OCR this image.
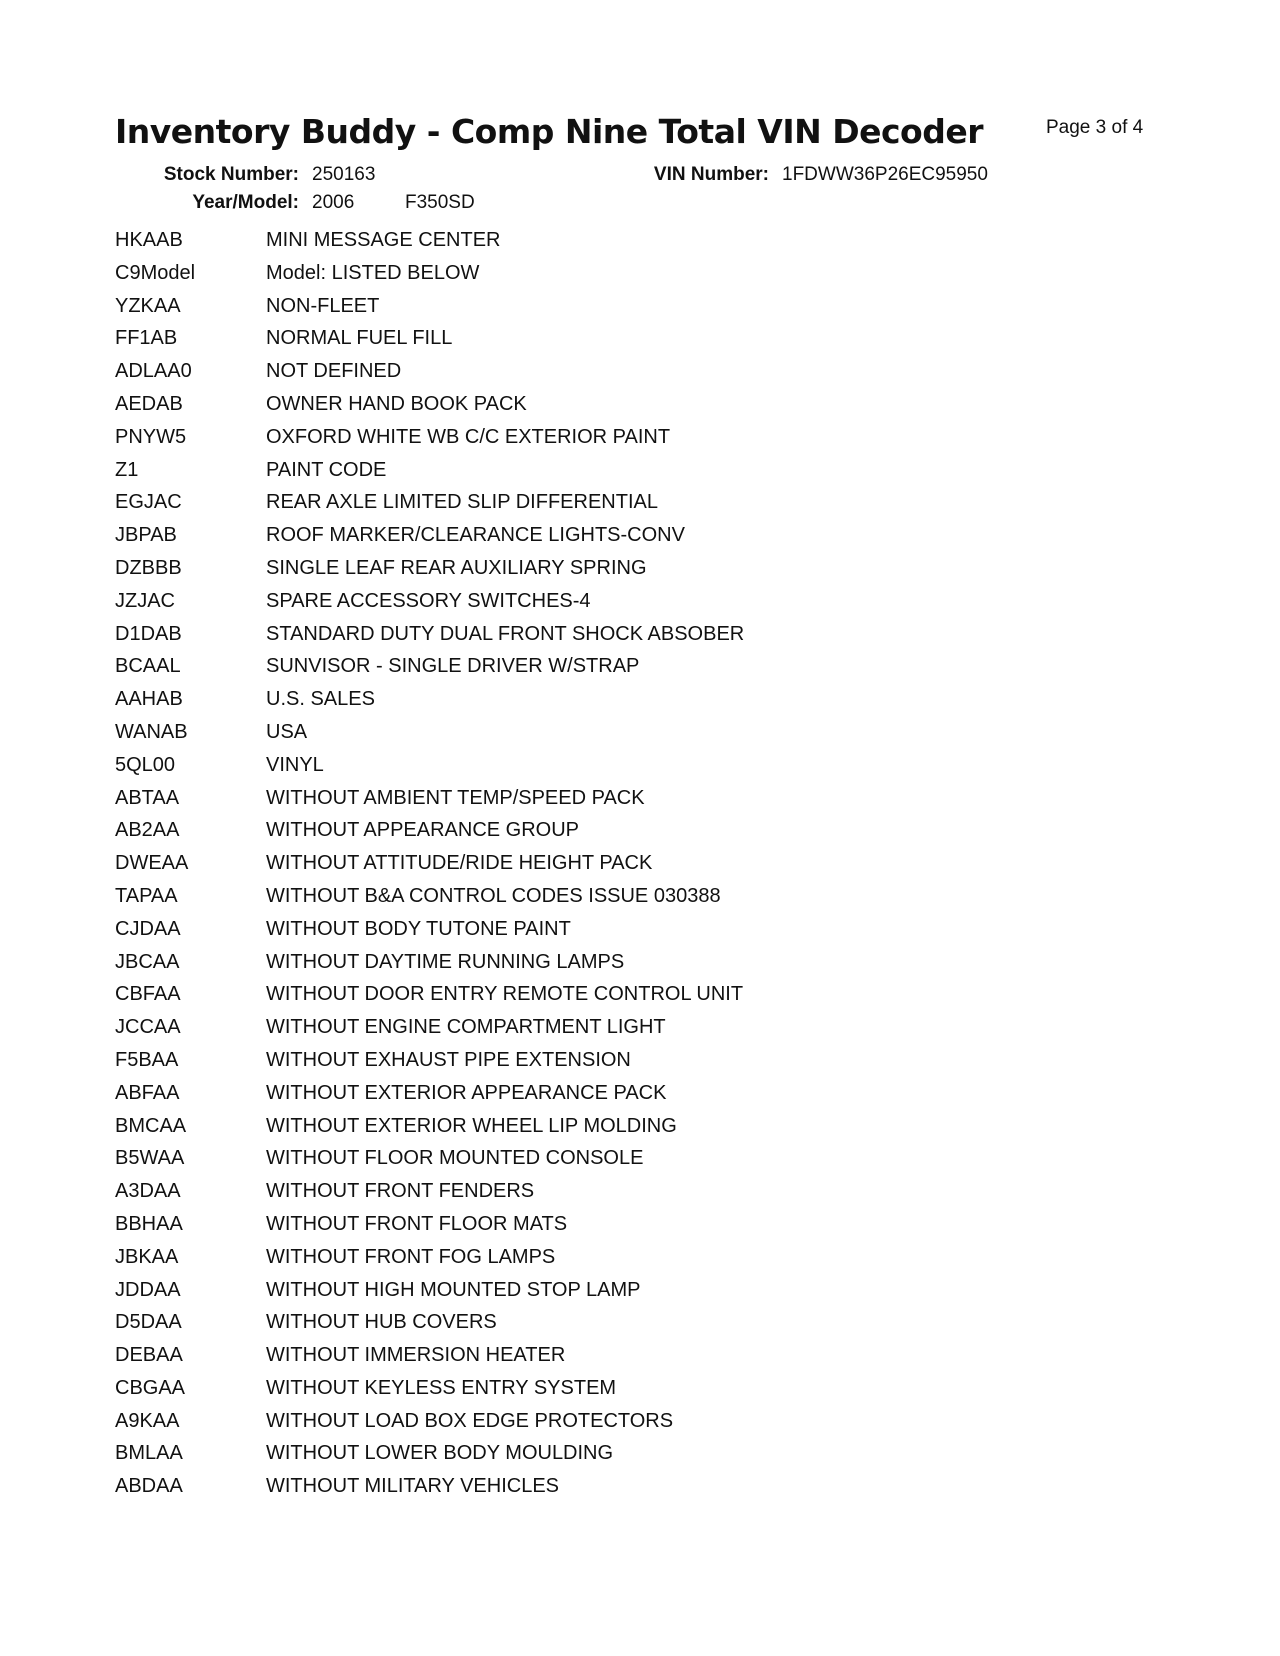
Inventory Buddy - Comp Nine Total VIN Decoder	Page 3 of 4
Stock Number: 250163
Year/Model: 2006	F350SD
VIN Number: 1FDWW36P26EC95950
HKAAB	MINI MESSAGE CENTER
C9Model	Model: LISTED BELOW
YZKAA	NON-FLEET
FF1AB	NORMAL FUEL FILL
ADLAA0	NOT DEFINED
AEDAB	OWNER HAND BOOK PACK
PNYW5	OXFORD WHITE WB C/C EXTERIOR PAINT
Z1	PAINT CODE
EGJAC	REAR AXLE LIMITED SLIP DIFFERENTIAL
JBPAB	ROOF MARKER/CLEARANCE LIGHTS-CONV
DZBBB	SINGLE LEAF REAR AUXILIARY SPRING
JZJAC	SPARE ACCESSORY SWITCHES-4
D1DAB	STANDARD DUTY DUAL FRONT SHOCK ABSOBER
BCAAL	SUNVISOR - SINGLE DRIVER W/STRAP
AAHAB	U.S. SALES
WANAB	USA
5QL00	VINYL
ABTAA	WITHOUT AMBIENT TEMP/SPEED PACK
AB2AA	WITHOUT APPEARANCE GROUP
DWEAA	WITHOUT ATTITUDE/RIDE HEIGHT PACK
TAPAA	WITHOUT B&A CONTROL CODES ISSUE 030388
CJDAA	WITHOUT BODY TUTONE PAINT
JBCAA	WITHOUT DAYTIME RUNNING LAMPS
CBFAA	WITHOUT DOOR ENTRY REMOTE CONTROL UNIT
JCCAA	WITHOUT ENGINE COMPARTMENT LIGHT
F5BAA	WITHOUT EXHAUST PIPE EXTENSION
ABFAA	WITHOUT EXTERIOR APPEARANCE PACK
BMCAA	WITHOUT EXTERIOR WHEEL LIP MOLDING
B5WAA	WITHOUT FLOOR MOUNTED CONSOLE
A3DAA	WITHOUT FRONT FENDERS
BBHAA	WITHOUT FRONT FLOOR MATS
JBKAA	WITHOUT FRONT FOG LAMPS
JDDAA	WITHOUT HIGH MOUNTED STOP LAMP
D5DAA	WITHOUT HUB COVERS
DEBAA	WITHOUT IMMERSION HEATER
CBGAA	WITHOUT KEYLESS ENTRY SYSTEM
A9KAA	WITHOUT LOAD BOX EDGE PROTECTORS
BMLAA	WITHOUT LOWER BODY MOULDING
ABDAA	WITHOUT MILITARY VEHICLES
